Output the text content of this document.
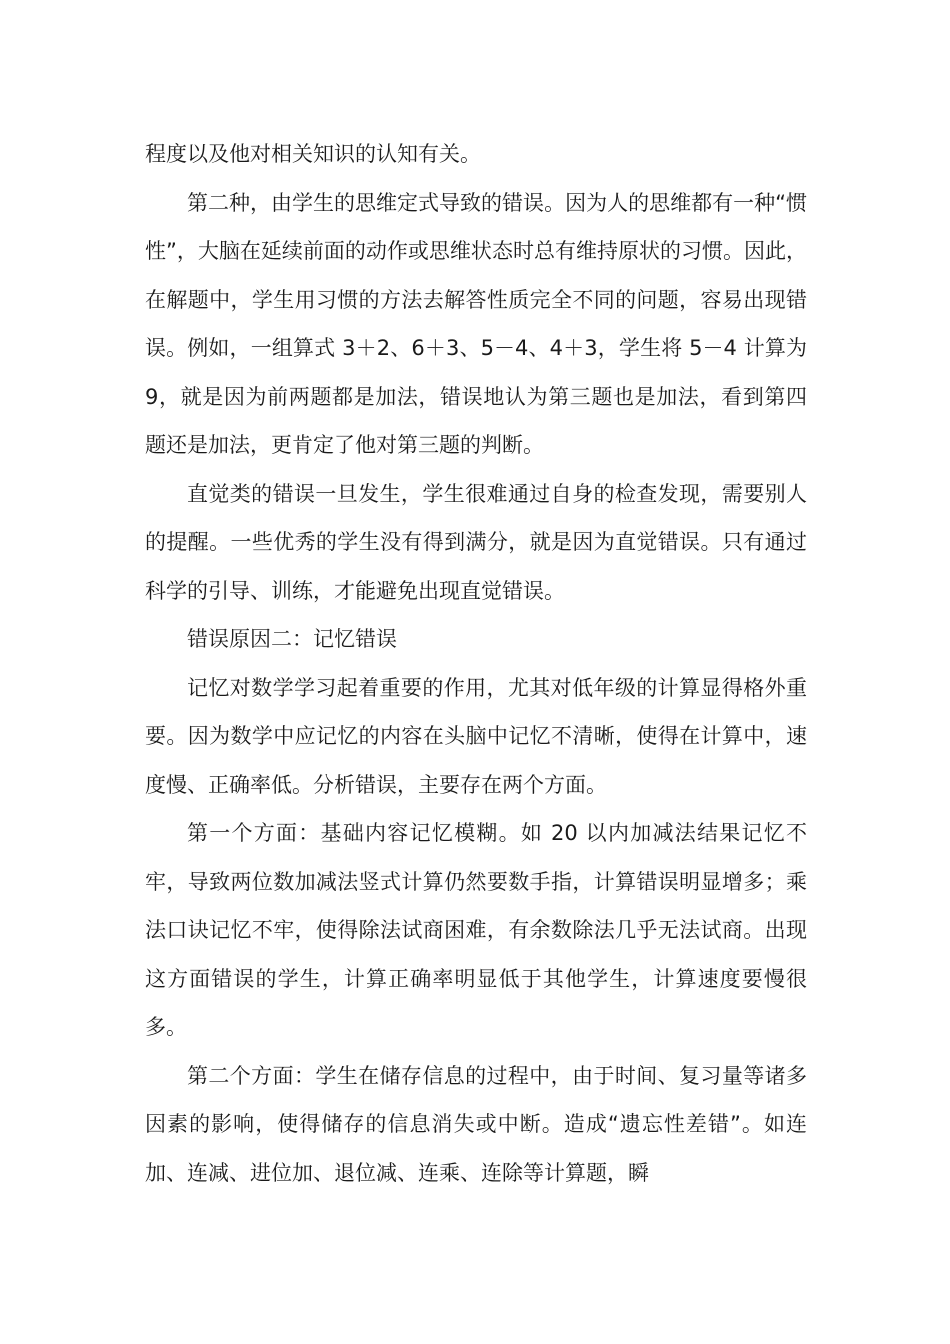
程度以及他对相关知识的认知有关。

第二种，由学生的思维定式导致的错误。因为人的思维都有一种“惯性”，大脑在延续前面的动作或思维状态时总有维持原状的习惯。因此，在解题中，学生用习惯的方法去解答性质完全不同的问题，容易出现错误。例如，一组算式 3＋2、6＋3、5－4、4＋3，学生将 5－4 计算为 9，就是因为前两题都是加法，错误地认为第三题也是加法，看到第四题还是加法，更肯定了他对第三题的判断。

直觉类的错误一旦发生，学生很难通过自身的检查发现，需要别人的提醒。一些优秀的学生没有得到满分，就是因为直觉错误。只有通过科学的引导、训练，才能避免出现直觉错误。

错误原因二：记忆错误

记忆对数学学习起着重要的作用，尤其对低年级的计算显得格外重要。因为数学中应记忆的内容在头脑中记忆不清晰，使得在计算中，速度慢、正确率低。分析错误，主要存在两个方面。

第一个方面：基础内容记忆模糊。如 20 以内加减法结果记忆不牢，导致两位数加减法竖式计算仍然要数手指，计算错误明显增多；乘法口诀记忆不牢，使得除法试商困难，有余数除法几乎无法试商。出现这方面错误的学生，计算正确率明显低于其他学生，计算速度要慢很多。

第二个方面：学生在储存信息的过程中，由于时间、复习量等诸多因素的影响，使得储存的信息消失或中断。造成“遗忘性差错”。如连加、连减、进位加、退位减、连乘、连除等计算题，瞬
